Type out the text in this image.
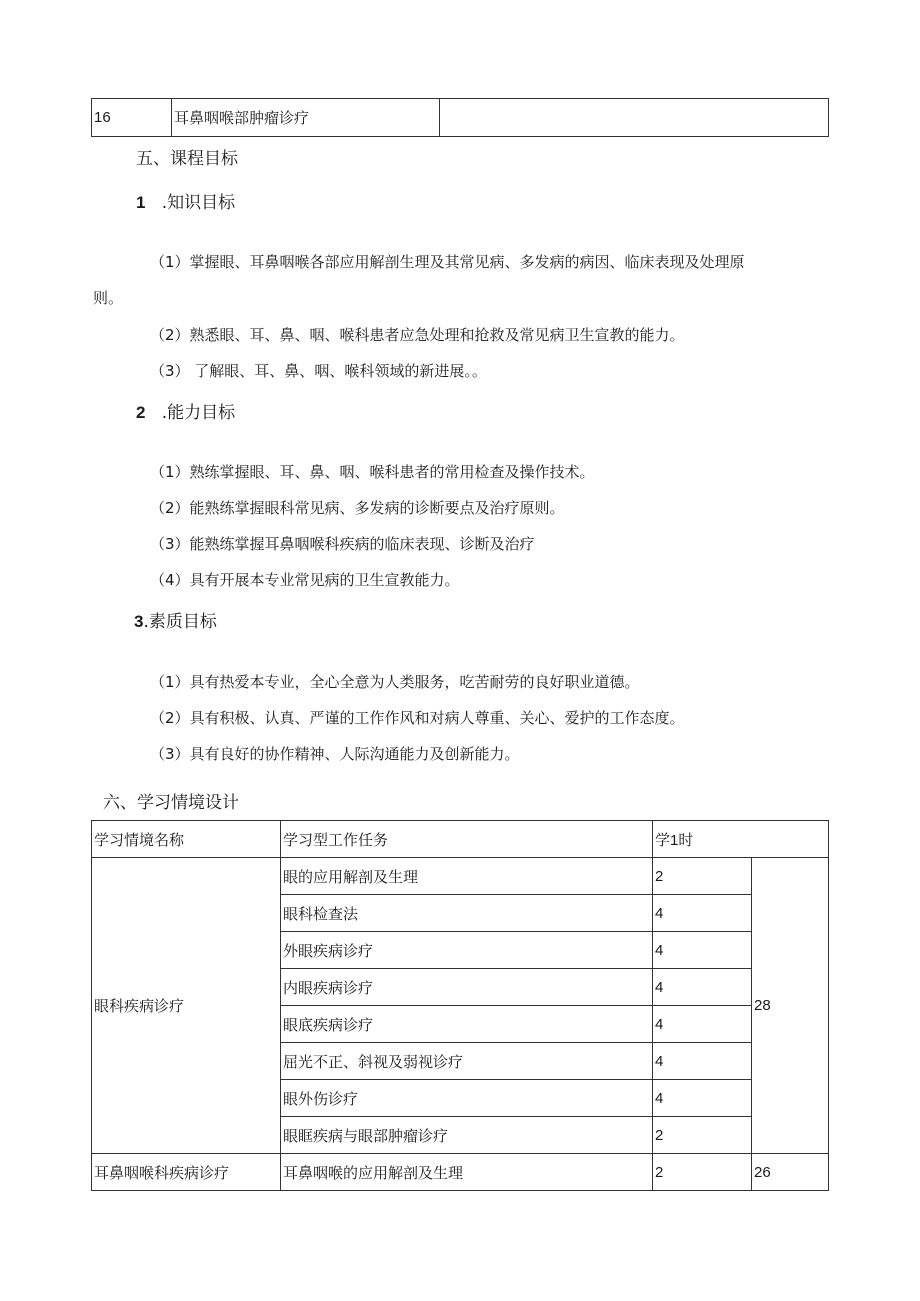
16	耳鼻咽喉部肿瘤诊疗	
五、课程目标
1 .知识目标
（1）掌握眼、耳鼻咽喉各部应用解剖生理及其常见病、多发病的病因、临床表现及处理原
则。
（2）熟悉眼、耳、鼻、咽、喉科患者应急处理和抢救及常见病卫生宣教的能力。
（3） 了解眼、耳、鼻、咽、喉科领域的新进展。。
2 .能力目标
（1）熟练掌握眼、耳、鼻、咽、喉科患者的常用检查及操作技术。
（2）能熟练掌握眼科常见病、多发病的诊断要点及治疗原则。
（3）能熟练掌握耳鼻咽喉科疾病的临床表现、诊断及治疗
（4）具有开展本专业常见病的卫生宣教能力。
3.素质目标
（1）具有热爱本专业，全心全意为人类服务，吃苦耐劳的良好职业道德。
（2）具有积极、认真、严谨的工作作风和对病人尊重、关心、爱护的工作态度。
（3）具有良好的协作精神、人际沟通能力及创新能力。
六、学习情境设计
学习情境名称	学习型工作任务	学1时	
眼科疾病诊疗	眼的应用解剖及生理	2	28
	眼科检查法	4	
	外眼疾病诊疗	4	
	内眼疾病诊疗	4	
	眼底疾病诊疗	4	
	屈光不正、斜视及弱视诊疗	4	
	眼外伤诊疗	4	
	眼眶疾病与眼部肿瘤诊疗	2	
耳鼻咽喉科疾病诊疗	耳鼻咽喉的应用解剖及生理	2	26
